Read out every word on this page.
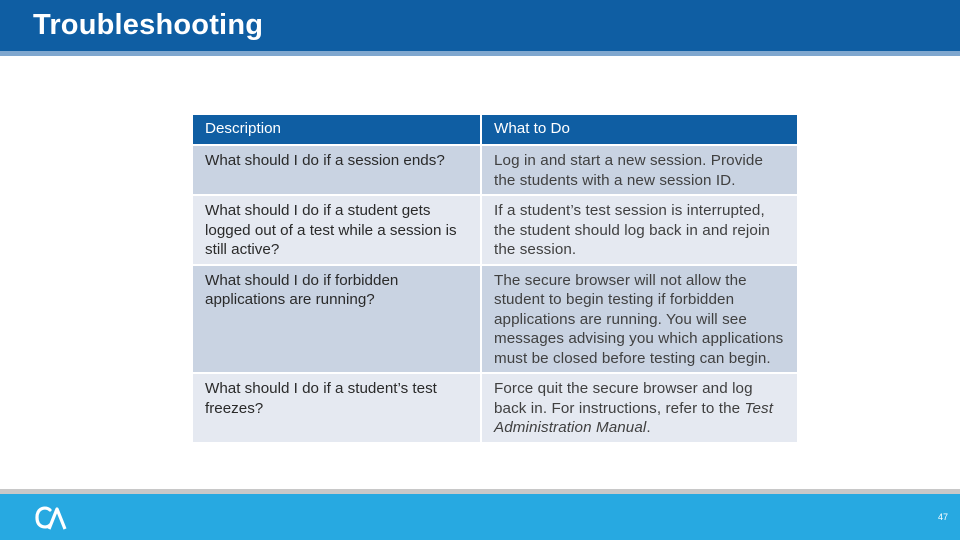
Troubleshooting
Description	What to Do
What should I do if a session ends?	Log in and start a new session. Provide the students with a new session ID.
What should I do if a student gets logged out of a test while a session is still active?	If a student’s test session is interrupted, the student should log back in and rejoin the session.
What should I do if forbidden applications are running?	The secure browser will not allow the student to begin testing if forbidden applications are running. You will see messages advising you which applications must be closed before testing can begin.
What should I do if a student’s test freezes?	Force quit the secure browser and log back in. For instructions, refer to the Test Administration Manual.
47
